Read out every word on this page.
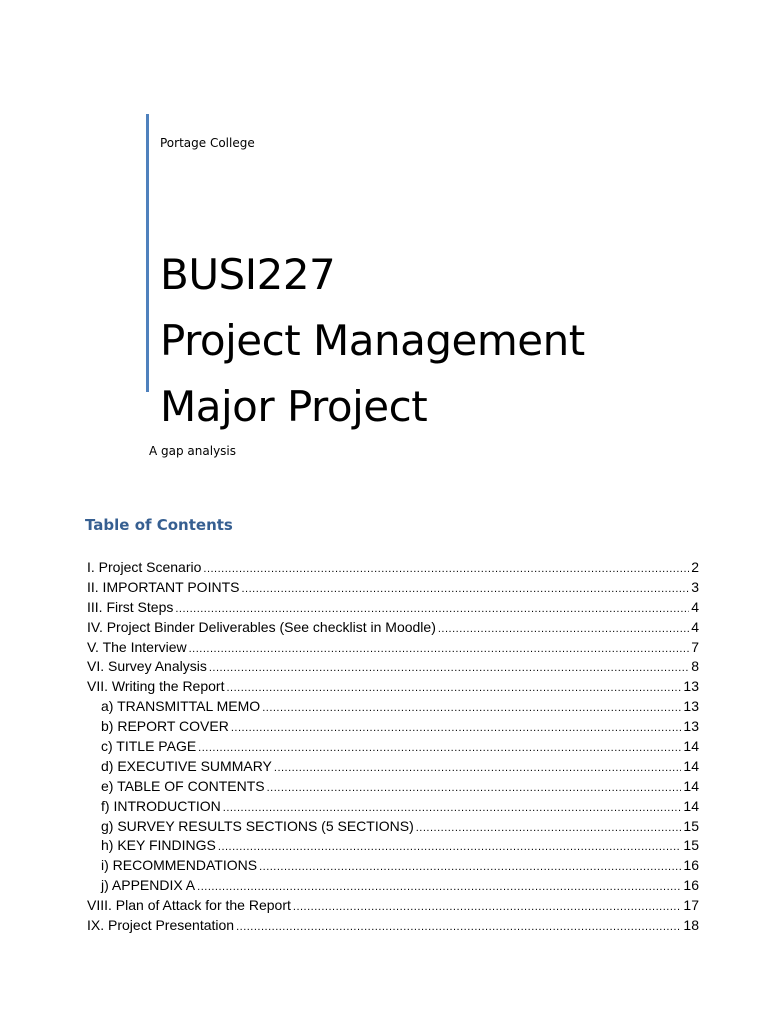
Portage College
BUSI227
Project Management
Major Project
A gap analysis
Table of Contents
I. Project Scenario .....	2
II. IMPORTANT POINTS .....	3
III. First Steps .....	4
IV. Project Binder Deliverables (See checklist in Moodle) .....	4
V. The Interview .....	7
VI. Survey Analysis .....	8
VII. Writing the Report .....	13
a) TRANSMITTAL MEMO .....	13
b) REPORT COVER .....	13
c) TITLE PAGE .....	14
d) EXECUTIVE SUMMARY .....	14
e) TABLE OF CONTENTS .....	14
f) INTRODUCTION .....	14
g) SURVEY RESULTS SECTIONS (5 SECTIONS) .....	15
h) KEY FINDINGS .....	15
i) RECOMMENDATIONS .....	16
j) APPENDIX A .....	16
VIII. Plan of Attack for the Report .....	17
IX. Project Presentation .....	18
